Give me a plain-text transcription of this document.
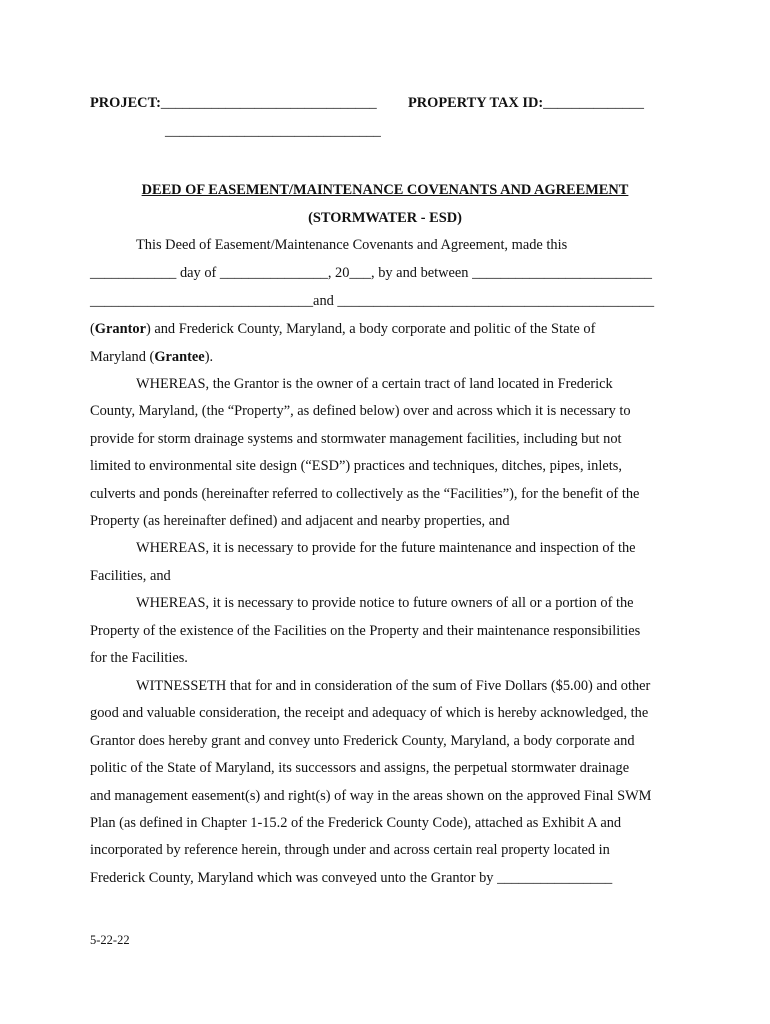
PROJECT:______________________________ PROPERTY TAX ID:______________
______________________________
DEED OF EASEMENT/MAINTENANCE COVENANTS AND AGREEMENT
(STORMWATER - ESD)
This Deed of Easement/Maintenance Covenants and Agreement, made this
____________ day of _______________, 20___, by and between _________________________
_______________________________and ____________________________________________
(Grantor) and Frederick County, Maryland, a body corporate and politic of the State of
Maryland (Grantee).
WHEREAS, the Grantor is the owner of a certain tract of land located in Frederick
County, Maryland, (the “Property”, as defined below) over and across which it is necessary to
provide for storm drainage systems and stormwater management facilities, including but not
limited to environmental site design (“ESD”) practices and techniques, ditches, pipes, inlets,
culverts and ponds (hereinafter referred to collectively as the “Facilities”), for the benefit of the
Property (as hereinafter defined) and adjacent and nearby properties, and
WHEREAS, it is necessary to provide for the future maintenance and inspection of the
Facilities, and
WHEREAS, it is necessary to provide notice to future owners of all or a portion of the
Property of the existence of the Facilities on the Property and their maintenance responsibilities
for the Facilities.
WITNESSETH that for and in consideration of the sum of Five Dollars ($5.00) and other
good and valuable consideration, the receipt and adequacy of which is hereby acknowledged, the
Grantor does hereby grant and convey unto Frederick County, Maryland, a body corporate and
politic of the State of Maryland, its successors and assigns, the perpetual stormwater drainage
and management easement(s) and right(s) of way in the areas shown on the approved Final SWM
Plan (as defined in Chapter 1-15.2 of the Frederick County Code), attached as Exhibit A and
incorporated by reference herein, through under and across certain real property located in
Frederick County, Maryland which was conveyed unto the Grantor by ________________
5-22-22
